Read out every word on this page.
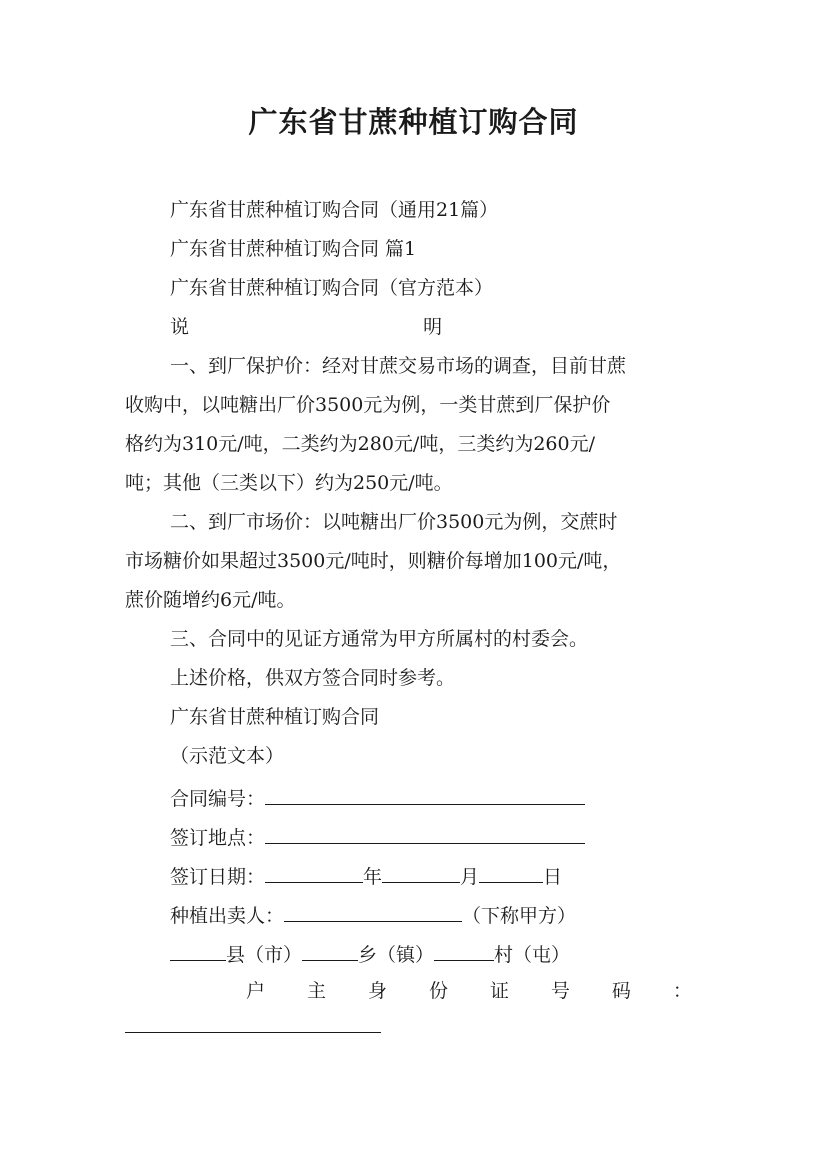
广东省甘蔗种植订购合同
广东省甘蔗种植订购合同（通用21篇）
广东省甘蔗种植订购合同 篇1
广东省甘蔗种植订购合同（官方范本）
说	明
一、到厂保护价：经对甘蔗交易市场的调查，目前甘蔗
收购中，以吨糖出厂价3500元为例，一类甘蔗到厂保护价
格约为310元/吨，二类约为280元/吨，三类约为260元/
吨；其他（三类以下）约为250元/吨。
二、到厂市场价：以吨糖出厂价3500元为例，交蔗时
市场糖价如果超过3500元/吨时，则糖价每增加100元/吨，
蔗价随增约6元/吨。
三、合同中的见证方通常为甲方所属村的村委会。
上述价格，供双方签合同时参考。
广东省甘蔗种植订购合同
（示范文本）
合同编号：
签订地点：
签订日期：	年	月	日
种植出卖人：	（下称甲方）
县（市）	乡（镇）	村（屯）
户 主 身 份 证 号 码 ：
